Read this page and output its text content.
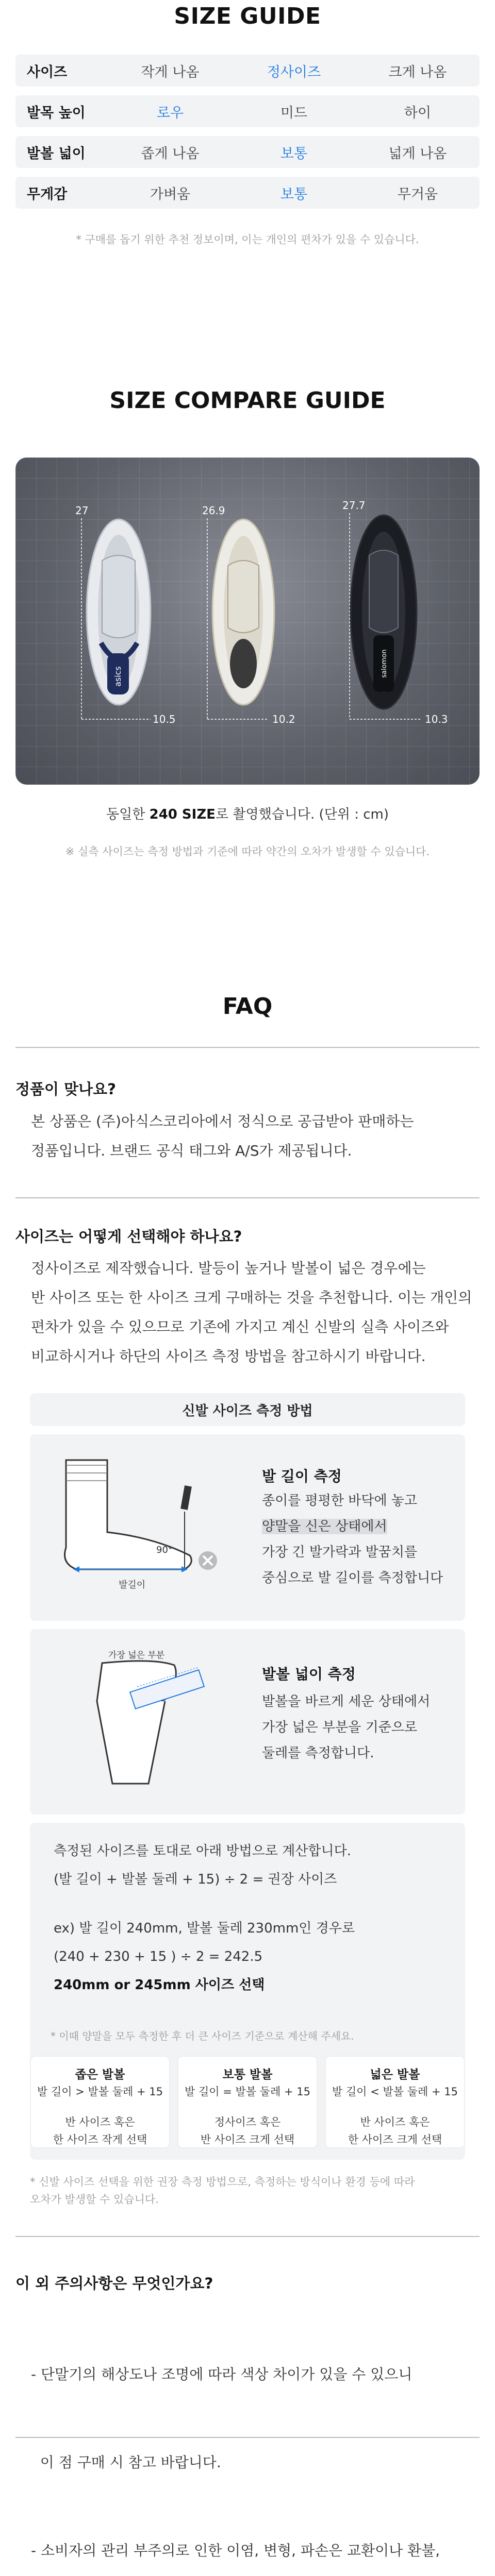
SIZE GUIDE
사이즈	작게 나옴	정사이즈	크게 나옴
발목 높이	로우	미드	하이
발볼 넓이	좁게 나옴	보통	넓게 나옴
무게감	가벼움	보통	무거움
* 구매를 돕기 위한 추천 정보이며, 이는 개인의 편차가 있을 수 있습니다.
SIZE COMPARE GUIDE
asics
27
10.5
26.9
10.2
salomon
27.7
10.3
동일한 240 SIZE로 촬영했습니다. (단위 : cm)
※ 실측 사이즈는 측정 방법과 기준에 따라 약간의 오차가 발생할 수 있습니다.
FAQ
정품이 맞나요?
본 상품은 (주)아식스코리아에서 정식으로 공급받아 판매하는
정품입니다. 브랜드 공식 태그와 A/S가 제공됩니다.
사이즈는 어떻게 선택해야 하나요?
정사이즈로 제작했습니다. 발등이 높거나 발볼이 넓은 경우에는
반 사이즈 또는 한 사이즈 크게 구매하는 것을 추천합니다. 이는 개인의
편차가 있을 수 있으므로 기존에 가지고 계신 신발의 실측 사이즈와
비교하시거나 하단의 사이즈 측정 방법을 참고하시기 바랍니다.
신발 사이즈 측정 방법
90°
발길이
발 길이 측정
종이를 평평한 바닥에 놓고
양말을 신은 상태에서
가장 긴 발가락과 발꿈치를
중심으로 발 길이를 측정합니다
가장 넓은 부분
발볼 넓이 측정
발볼을 바르게 세운 상태에서
가장 넓은 부분을 기준으로
둘레를 측정합니다.
측정된 사이즈를 토대로 아래 방법으로 계산합니다.
(발 길이 + 발볼 둘레 + 15) ÷ 2 = 권장 사이즈
ex) 발 길이 240mm, 발볼 둘레 230mm인 경우로
(240 + 230 + 15 ) ÷ 2 = 242.5
240mm or 245mm 사이즈 선택
* 이때 양말을 모두 측정한 후 더 큰 사이즈 기준으로 계산해 주세요.
좁은 발볼
발 길이 > 발볼 둘레 + 15
반 사이즈 혹은
한 사이즈 작게 선택
보통 발볼
발 길이 = 발볼 둘레 + 15
정사이즈 혹은
반 사이즈 크게 선택
넓은 발볼
발 길이 < 발볼 둘레 + 15
반 사이즈 혹은
한 사이즈 크게 선택
* 신발 사이즈 선택을 위한 권장 측정 방법으로, 측정하는 방식이나 환경 등에 따라
오차가 발생할 수 있습니다.
이 외 주의사항은 무엇인가요?

- 단말기의 해상도나 조명에 따라 색상 차이가 있을 수 있으니

이 점 구매 시 참고 바랍니다.

- 소비자의 관리 부주의로 인한 이염, 변형, 파손은 교환이나 환불,
